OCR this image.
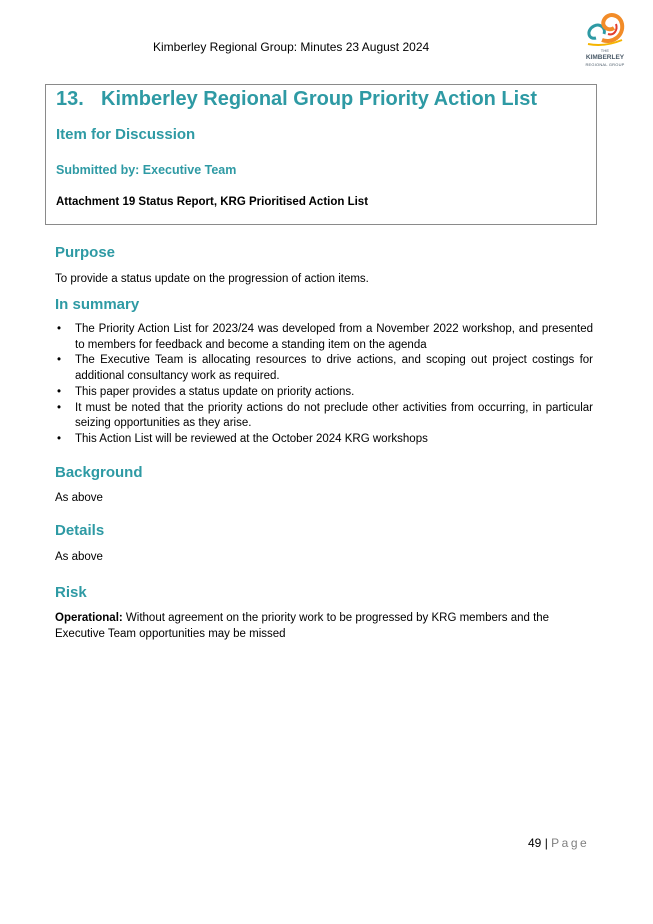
Kimberley Regional Group: Minutes 23 August 2024	THE
KIMBERLEY
REGIONAL GROUP
13. Kimberley Regional Group Priority Action List
Item for Discussion
Submitted by: Executive Team
Attachment 19 Status Report, KRG Prioritised Action List
Purpose
To provide a status update on the progression of action items.
In summary
• The Priority Action List for 2023/24 was developed from a November 2022 workshop, and presented to members for feedback and become a standing item on the agenda
• The Executive Team is allocating resources to drive actions, and scoping out project costings for additional consultancy work as required.
• This paper provides a status update on priority actions.
• It must be noted that the priority actions do not preclude other activities from occurring, in particular seizing opportunities as they arise.
• This Action List will be reviewed at the October 2024 KRG workshops
Background
As above
Details
As above
Risk
Operational: Without agreement on the priority work to be progressed by KRG members and the Executive Team opportunities may be missed
49 | Page
